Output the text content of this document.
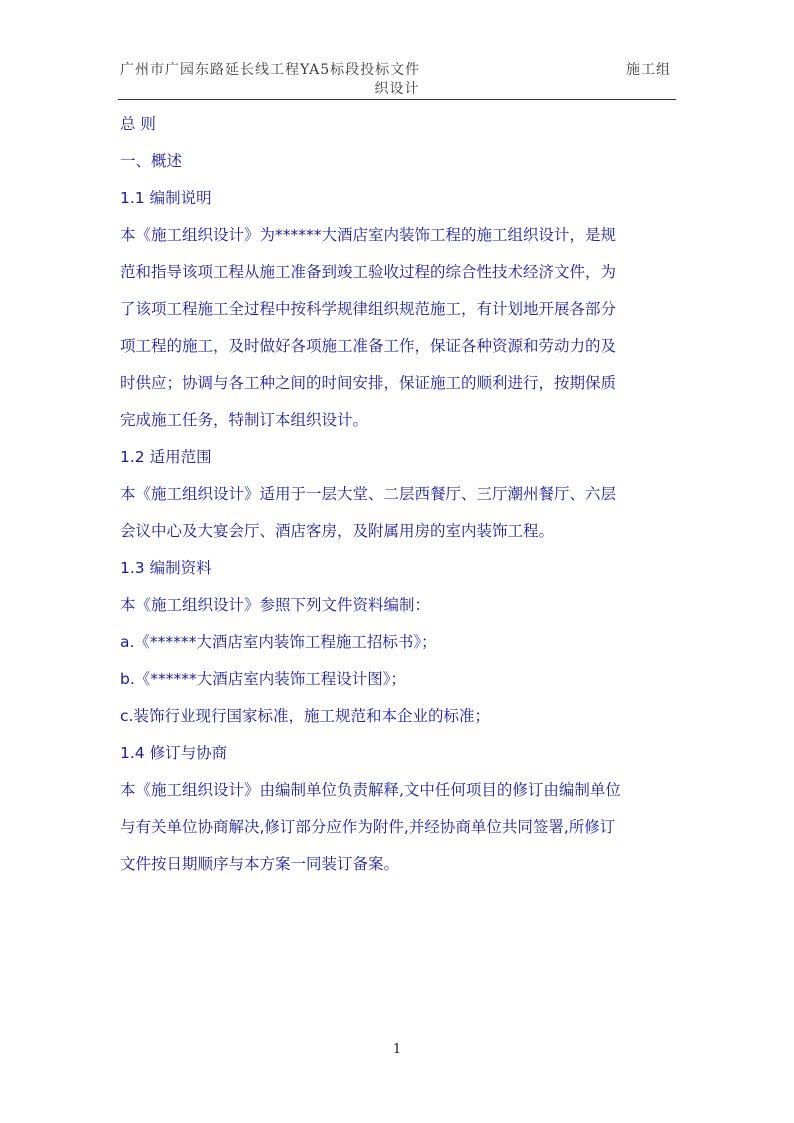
广州市广园东路延长线工程YA5标段投标文件	施工组
织设计

总 则

一、概述

1.1 编制说明

本《施工组织设计》为******大酒店室内装饰工程的施工组织设计，是规

范和指导该项工程从施工准备到竣工验收过程的综合性技术经济文件，为

了该项工程施工全过程中按科学规律组织规范施工，有计划地开展各部分

项工程的施工，及时做好各项施工准备工作，保证各种资源和劳动力的及

时供应；协调与各工种之间的时间安排，保证施工的顺利进行，按期保质

完成施工任务，特制订本组织设计。

1.2 适用范围

本《施工组织设计》适用于一层大堂、二层西餐厅、三厅潮州餐厅、六层

会议中心及大宴会厅、酒店客房，及附属用房的室内装饰工程。

1.3 编制资料

本《施工组织设计》参照下列文件资料编制：

a.《******大酒店室内装饰工程施工招标书》；

b.《******大酒店室内装饰工程设计图》；

c.装饰行业现行国家标准，施工规范和本企业的标准；

1.4 修订与协商

本《施工组织设计》由编制单位负责解释,文中任何项目的修订由编制单位

与有关单位协商解决,修订部分应作为附件,并经协商单位共同签署,所修订

文件按日期顺序与本方案一同装订备案。

1
